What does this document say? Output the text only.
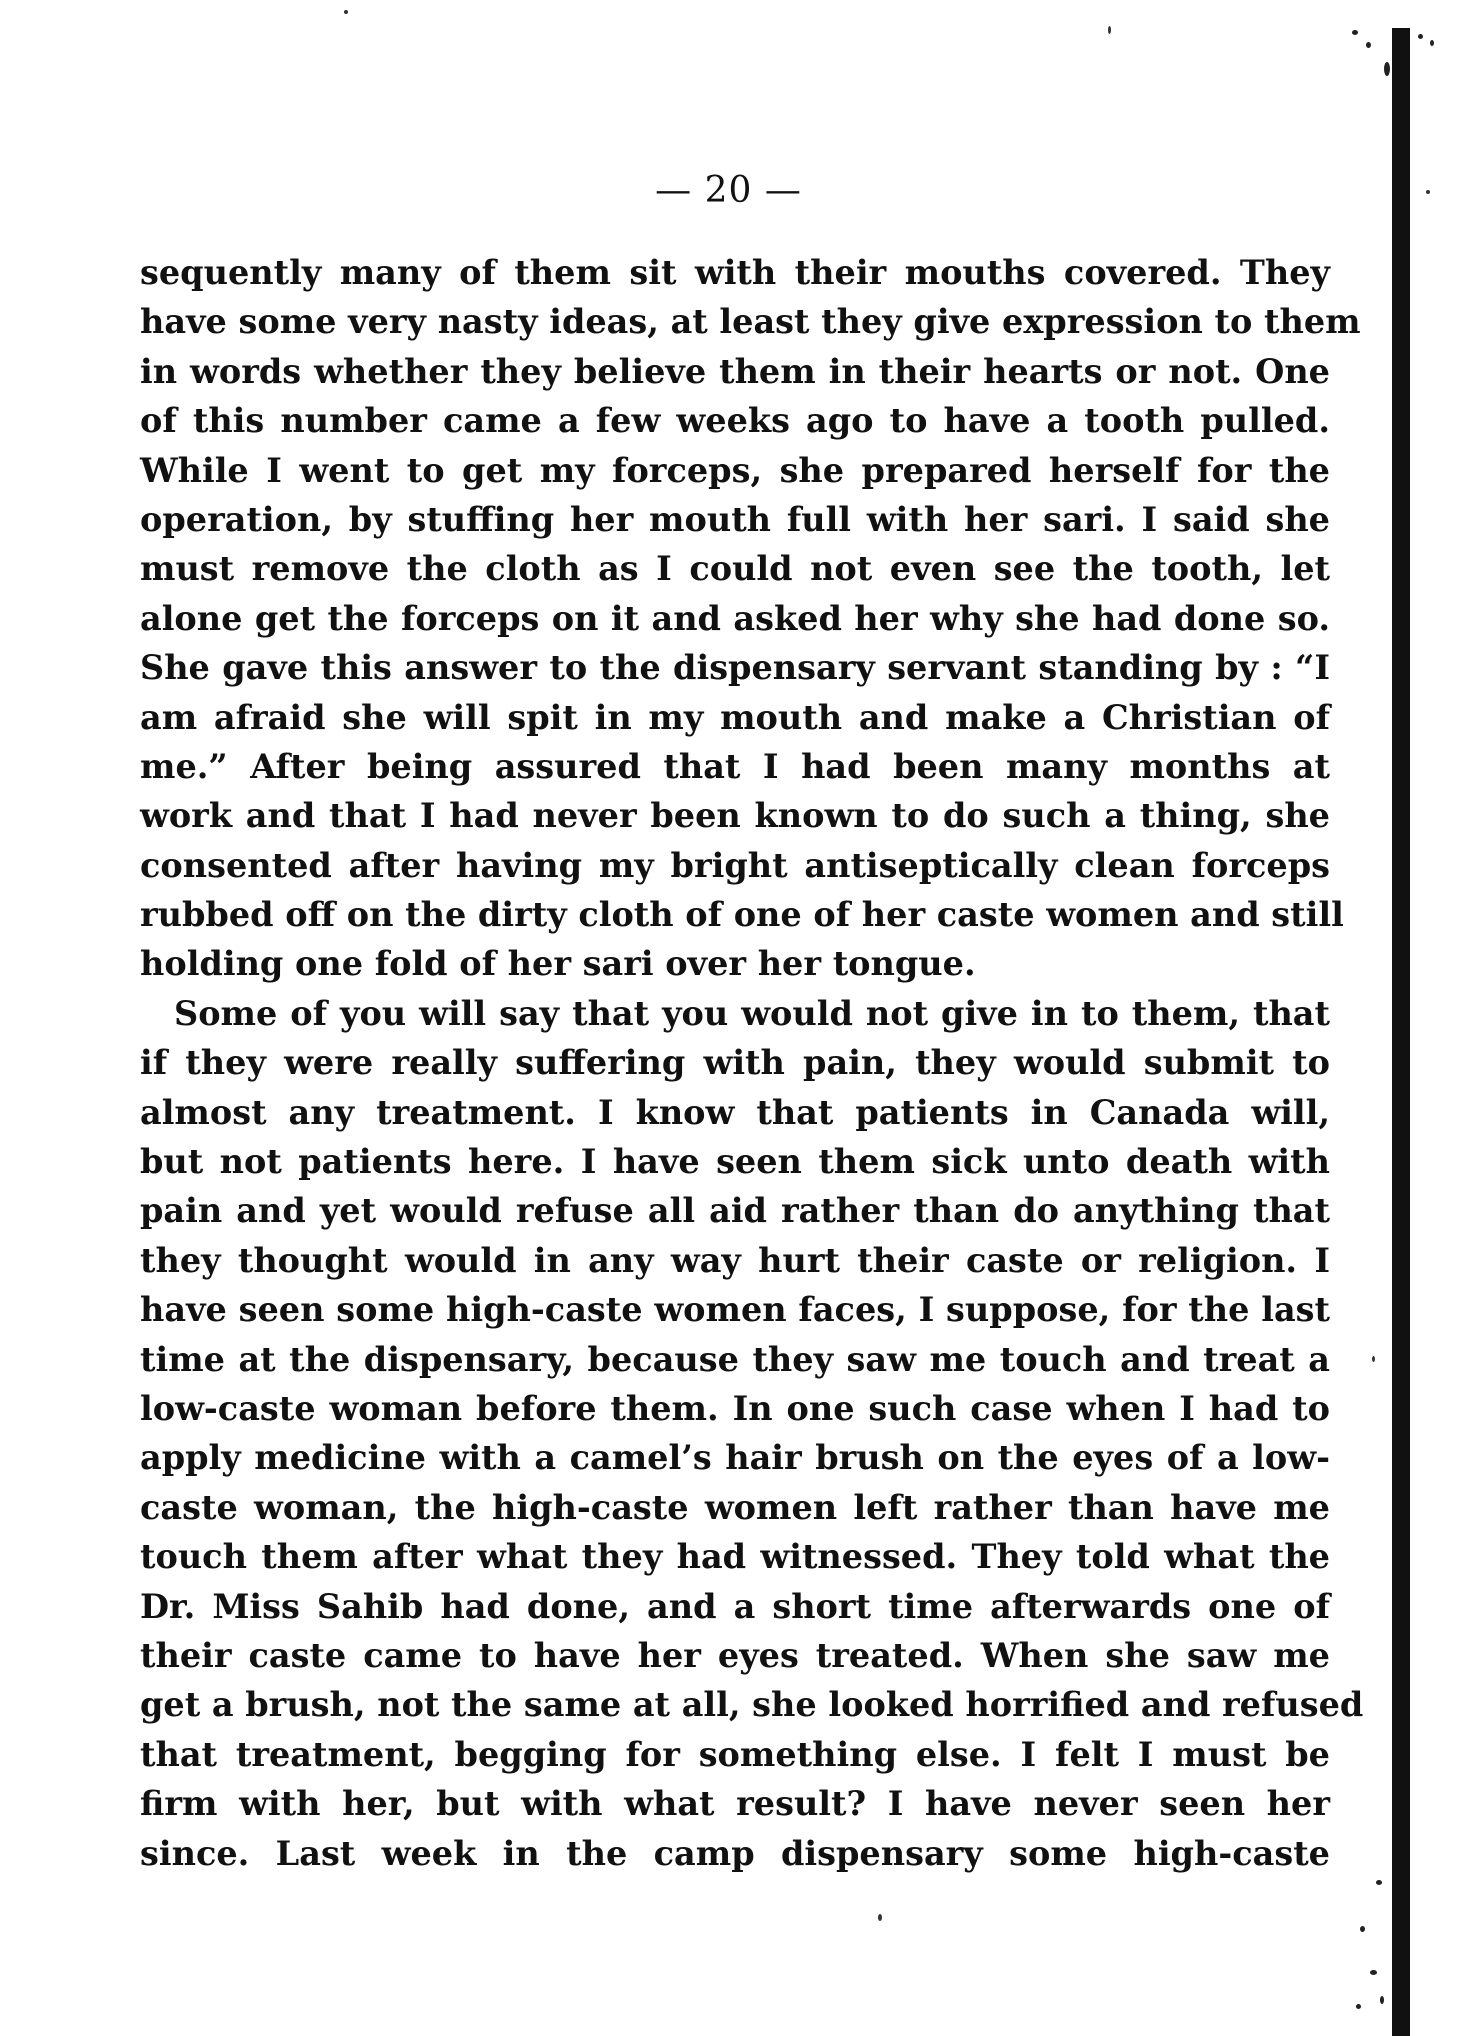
— 20 —
sequently many of them sit with their mouths covered. They
have some very nasty ideas, at least they give expression to them
in words whether they believe them in their hearts or not. One
of this number came a few weeks ago to have a tooth pulled.
While I went to get my forceps, she prepared herself for the
operation, by stuffing her mouth full with her sari. I said she
must remove the cloth as I could not even see the tooth, let
alone get the forceps on it and asked her why she had done so.
She gave this answer to the dispensary servant standing by : “I
am afraid she will spit in my mouth and make a Christian of
me.” After being assured that I had been many months at
work and that I had never been known to do such a thing, she
consented after having my bright antiseptically clean forceps
rubbed off on the dirty cloth of one of her caste women and still
holding one fold of her sari over her tongue.
Some of you will say that you would not give in to them, that
if they were really suffering with pain, they would submit to
almost any treatment. I know that patients in Canada will,
but not patients here. I have seen them sick unto death with
pain and yet would refuse all aid rather than do anything that
they thought would in any way hurt their caste or religion. I
have seen some high-caste women faces, I suppose, for the last
time at the dispensary, because they saw me touch and treat a
low-caste woman before them. In one such case when I had to
apply medicine with a camel’s hair brush on the eyes of a low-
caste woman, the high-caste women left rather than have me
touch them after what they had witnessed. They told what the
Dr. Miss Sahib had done, and a short time afterwards one of
their caste came to have her eyes treated. When she saw me
get a brush, not the same at all, she looked horrified and refused
that treatment, begging for something else. I felt I must be
firm with her, but with what result? I have never seen her
since. Last week in the camp dispensary some high-caste
